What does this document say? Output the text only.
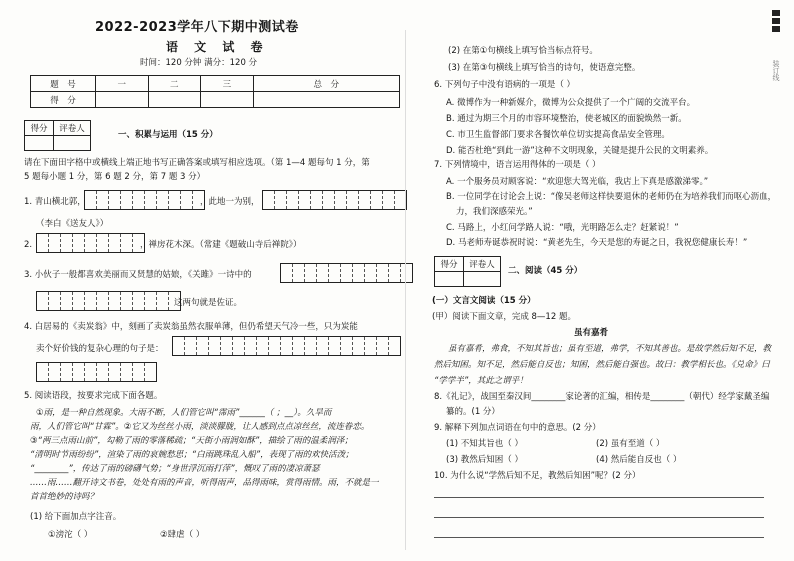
2022-2023学年八下期中测试卷
语 文 试 卷
时间：120 分钟 满分：120 分
题　号	一	二	三	总　分
得　分				
得分	评卷人

一、积累与运用（15 分）
请在下面田字格中或横线上端正地书写正确答案或填写相应选项。（第 1—4 题每句 1 分，第
5 题每小题 1 分，第 6 题 2 分，第 7 题 3 分）
1. 青山横北郭，	，此地一为别，
（李白《送友人》）
2.	，禅房花木深。（常建《题破山寺后禅院》）
3. 小伙子一般都喜欢美丽而又贤慧的姑娘，《关雎》一诗中的
这两句就是佐证。
4. 白居易的《卖炭翁》中，刻画了卖炭翁虽然衣服单薄，但仍希望天气冷一些，只为炭能
卖个好价钱的复杂心理的句子是：
5. 阅读语段，按要求完成下面各题。
①雨，是一种自然现象。大雨不断，人们管它叫“霈雨”______（ ；__）。久旱而
雨，人们管它叫“甘霖”。②它又为丝丝小雨，淡淡朦胧，让人感到点点凉丝丝，流连眷恋。
③“两三点雨山前”，勾勒了雨的零落稀疏；“天街小雨润如酥”，描绘了雨的温柔润泽；
“清明时节雨纷纷”，渲染了雨的哀婉愁思；“白雨跳珠乱入船”，表现了雨的欢快活泼；
“________”，传达了雨的磅礴气势；“身世浮沉雨打萍”，慨叹了雨的凄凉萧瑟
……雨……翻开诗文书卷，处处有雨的声音，听得雨声，品得雨味，赏得雨情。雨，不就是一
首首绝妙的诗吗？
(1) 给下面加点字注音。
①滂沱（ ）	②肆虐（ ）
(2) 在第①句横线上填写恰当标点符号。
(3) 在第③句横线上填写恰当的诗句，使语意完整。
6. 下列句子中没有语病的一项是（ ）
A. 微博作为一种新媒介，微博为公众提供了一个广阔的交流平台。
B. 通过为期三个月的市容环境整治，使老城区的面貌焕然一新。
C. 市卫生监督部门要求各餐饮单位切实提高食品安全管理。
D. 能否杜绝“到此一游”这种不文明现象，关键是提升公民的文明素养。
7. 下列情境中，语言运用得体的一项是（ ）
A. 一个服务员对顾客说：“欢迎您大驾光临，我店上下真是感激涕零。”
B. 一位同学在讨论会上说：“像吴老师这样快要退休的老师仍在为培养我们而呕心沥血，
力，我们深感荣光。”
C. 马路上，小红问学路人说：“哦，光明路怎么走？赶紧说！”
D. 马老师寿诞恭祝时说：“黄老先生，今天是您的寿诞之日，我祝您健康长寿！”
得分	评卷人

二、阅读（45 分）
(一）文言文阅读（15 分）
(甲）阅读下面文章，完成 8—12 题。
虽有嘉肴
虽有嘉肴，弗食，不知其旨也；虽有至道，弗学，不知其善也。是故学然后知不足，教
然后知困。知不足，然后能自反也；知困，然后能自强也。故曰：教学相长也。《兑命》曰
“学学半”，其此之谓乎！
8.《礼记》，战国至秦汉间________家论著的汇编，相传是________（朝代）经学家戴圣编
纂的。(1 分）
9. 解释下列加点词语在句中的意思。(2 分）
(1) 不知其旨也（ ）	(2) 虽有至道（ ）
(3) 教然后知困（ ）	(4) 然后能自反也（ ）
10. 为什么说“学然后知不足，教然后知困”呢？(2 分）
装订线
